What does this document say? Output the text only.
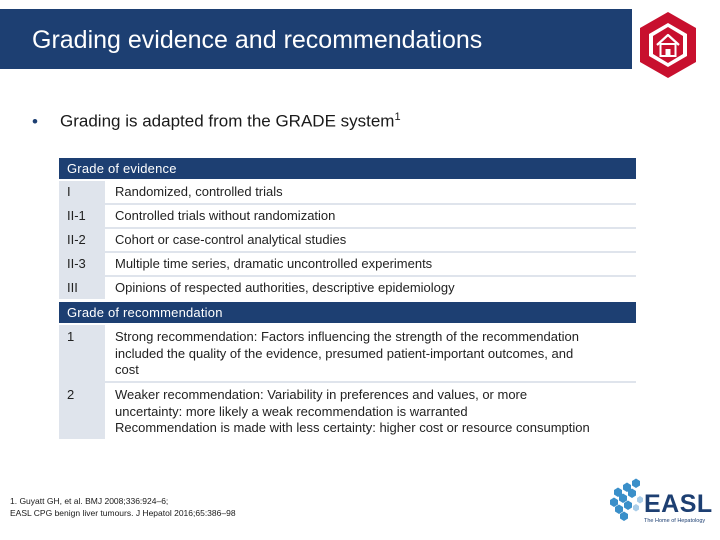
Grading evidence and recommendations
• Grading is adapted from the GRADE system$^1$
Grade of evidence
I	Randomized, controlled trials
II-1	Controlled trials without randomization
II-2	Cohort or case-control analytical studies
II-3	Multiple time series, dramatic uncontrolled experiments
III	Opinions of respected authorities, descriptive epidemiology
Grade of recommendation
1	Strong recommendation: Factors influencing the strength of the recommendation
included the quality of the evidence, presumed patient-important outcomes, and
cost
2	Weaker recommendation: Variability in preferences and values, or more
uncertainty: more likely a weak recommendation is warranted
Recommendation is made with less certainty: higher cost or resource consumption
1. Guyatt GH, et al. BMJ 2008;336:924–6;
EASL CPG benign liver tumours. J Hepatol 2016;65:386–98	EASL
The Home of Hepatology
